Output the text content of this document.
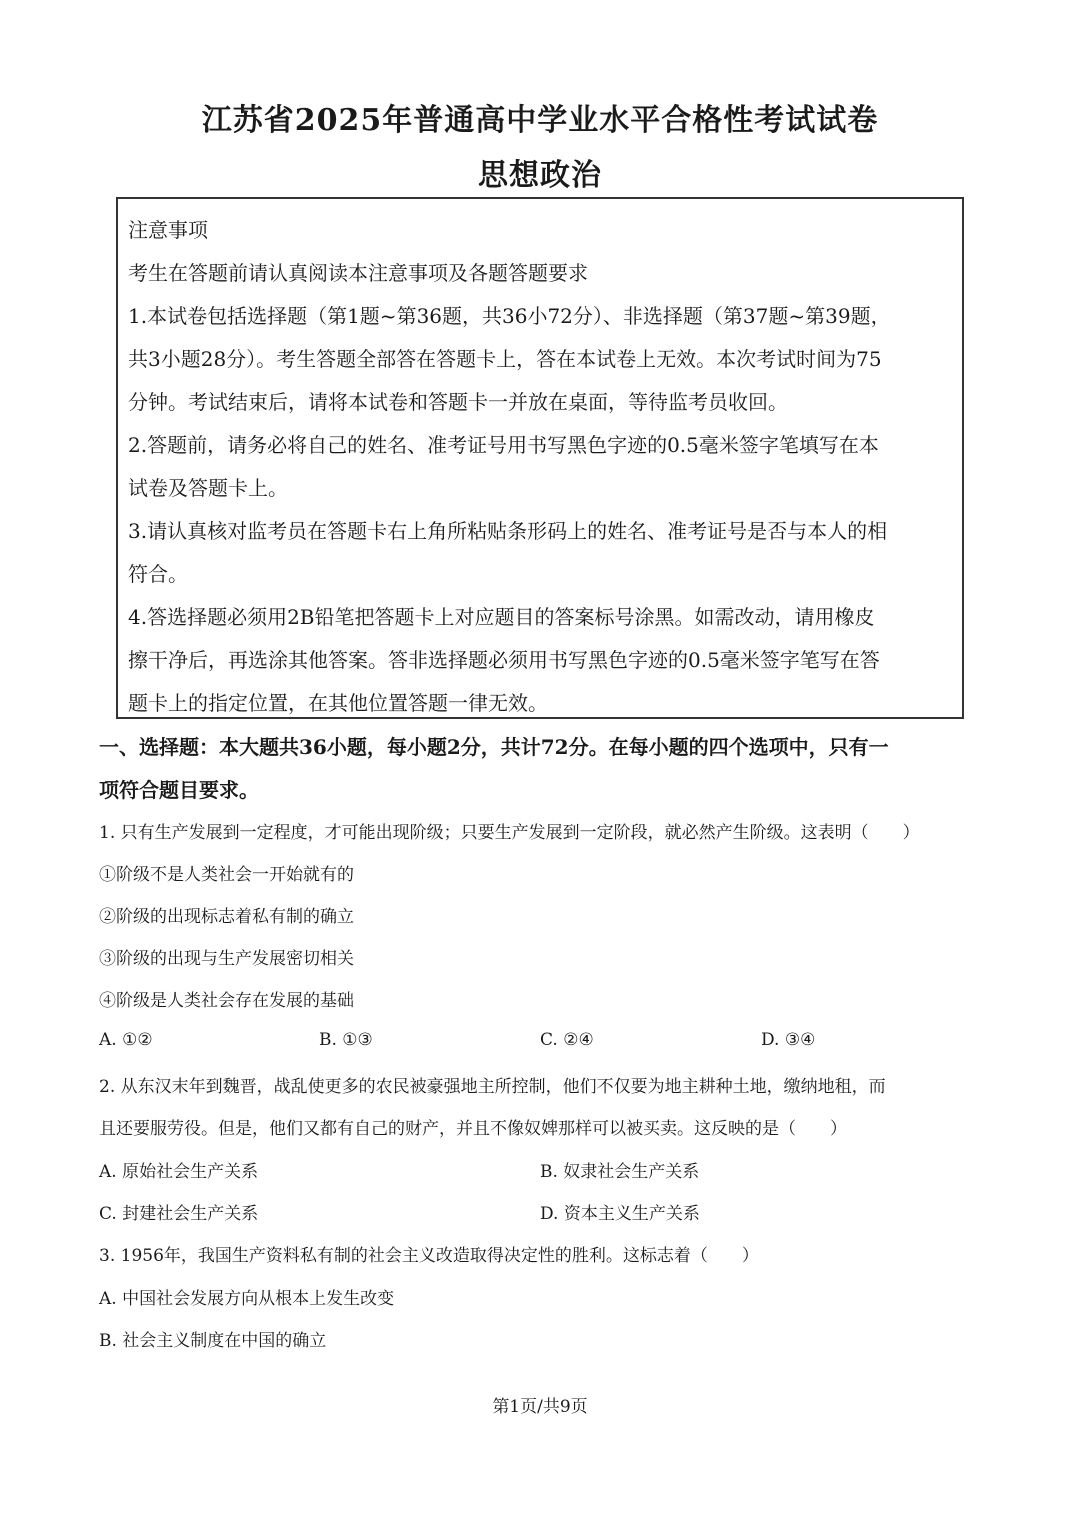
江苏省2025年普通高中学业水平合格性考试试卷
思想政治
注意事项
考生在答题前请认真阅读本注意事项及各题答题要求
1.本试卷包括选择题（第1题~第36题，共36小72分）、非选择题（第37题~第39题，
共3小题28分）。考生答题全部答在答题卡上，答在本试卷上无效。本次考试时间为75
分钟。考试结束后，请将本试卷和答题卡一并放在桌面，等待监考员收回。
2.答题前，请务必将自己的姓名、准考证号用书写黑色字迹的0.5毫米签字笔填写在本
试卷及答题卡上。
3.请认真核对监考员在答题卡右上角所粘贴条形码上的姓名、准考证号是否与本人的相
符合。
4.答选择题必须用2B铅笔把答题卡上对应题目的答案标号涂黑。如需改动，请用橡皮
擦干净后，再选涂其他答案。答非选择题必须用书写黑色字迹的0.5毫米签字笔写在答
题卡上的指定位置，在其他位置答题一律无效。
一、选择题：本大题共36小题，每小题2分，共计72分。在每小题的四个选项中，只有一
项符合题目要求。
1. 只有生产发展到一定程度，才可能出现阶级；只要生产发展到一定阶段，就必然产生阶级。这表明（　　）
①阶级不是人类社会一开始就有的
②阶级的出现标志着私有制的确立
③阶级的出现与生产发展密切相关
④阶级是人类社会存在发展的基础
A. ①②	B. ①③	C. ②④	D. ③④
2. 从东汉末年到魏晋，战乱使更多的农民被豪强地主所控制，他们不仅要为地主耕种土地，缴纳地租，而
且还要服劳役。但是，他们又都有自己的财产，并且不像奴婢那样可以被买卖。这反映的是（　　）
A. 原始社会生产关系	B. 奴隶社会生产关系
C. 封建社会生产关系	D. 资本主义生产关系
3. 1956年，我国生产资料私有制的社会主义改造取得决定性的胜利。这标志着（　　）
A. 中国社会发展方向从根本上发生改变
B. 社会主义制度在中国的确立
第1页/共9页
